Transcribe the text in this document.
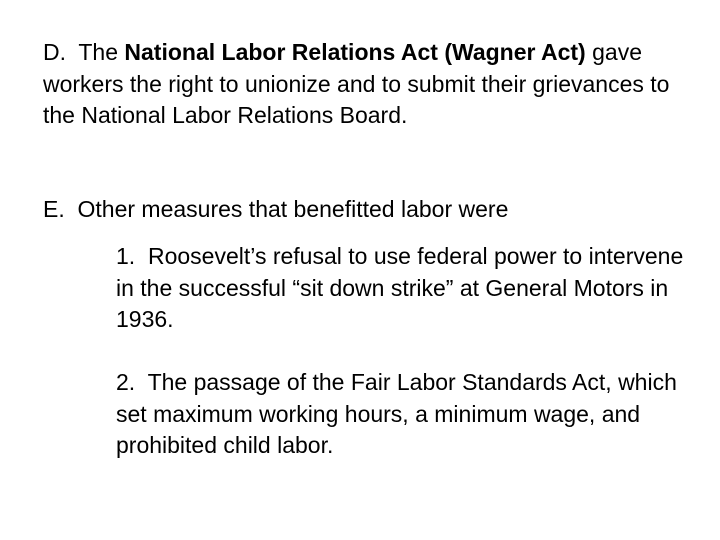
D. The National Labor Relations Act (Wagner Act) gave workers the right to unionize and to submit their grievances to the National Labor Relations Board.

E. Other measures that benefitted labor were

1. Roosevelt’s refusal to use federal power to intervene in the successful “sit down strike” at General Motors in 1936.

2. The passage of the Fair Labor Standards Act, which set maximum working hours, a minimum wage, and prohibited child labor.
